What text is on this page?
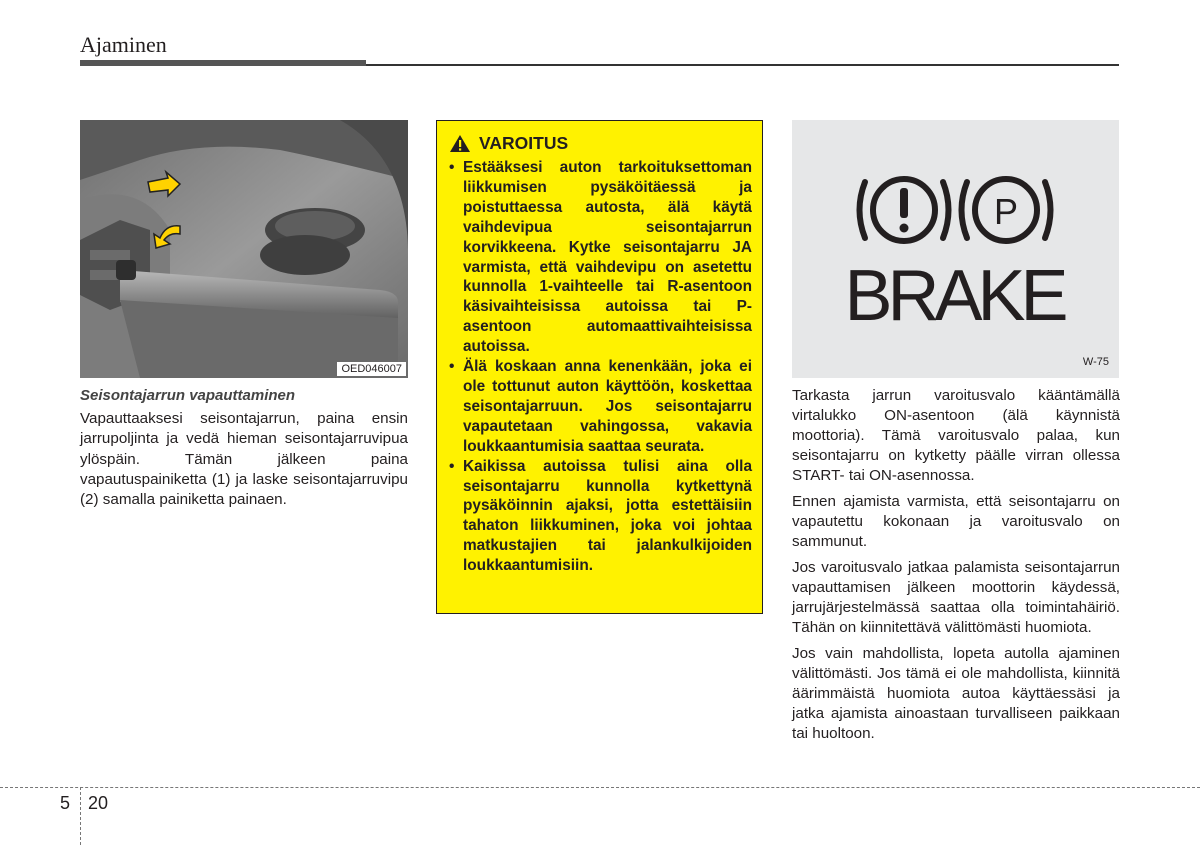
Ajaminen
OED046007
Seisontajarrun vapauttaminen

Vapauttaaksesi seisontajarrun, paina ensin jarrupoljinta ja vedä hieman seisontajarruvipua ylöspäin. Tämän jälkeen paina vapautuspainiketta (1) ja laske seisontajarruvipu (2) samalla painiketta painaen.

VAROITUS
• Estääksesi auton tarkoituksettoman liikkumisen pysäköitäessä ja poistuttaessa autosta, älä käytä vaihdevipua seisontajarrun korvikkeena. Kytke seisontajarru JA varmista, että vaihdevipu on asetettu kunnolla 1-vaihteelle tai R-asentoon käsivaihteisissa autoissa tai P-asentoon automaattivaihteisissa autoissa.
• Älä koskaan anna kenenkään, joka ei ole tottunut auton käyttöön, koskettaa seisontajarruun. Jos seisontajarru vapautetaan vahingossa, vakavia loukkaantumisia saattaa seurata.
• Kaikissa autoissa tulisi aina olla seisontajarru kunnolla kytkettynä pysäköinnin ajaksi, jotta estettäisiin tahaton liikkuminen, joka voi johtaa matkustajien tai jalankulkijoiden loukkaantumisiin.
P
BRAKE
W-75

Tarkasta jarrun varoitusvalo kääntämällä virtalukko ON-asentoon (älä käynnistä moottoria). Tämä varoitusvalo palaa, kun seisontajarru on kytketty päälle virran ollessa START- tai ON-asennossa.

Ennen ajamista varmista, että seisontajarru on vapautettu kokonaan ja varoitusvalo on sammunut.

Jos varoitusvalo jatkaa palamista seisontajarrun vapauttamisen jälkeen moottorin käydessä, jarrujärjestelmässä saattaa olla toimintahäiriö. Tähän on kiinnitettävä välittömästi huomiota.

Jos vain mahdollista, lopeta autolla ajaminen välittömästi. Jos tämä ei ole mahdollista, kiinnitä äärimmäistä huomiota autoa käyttäessäsi ja jatka ajamista ainoastaan turvalliseen paikkaan tai huoltoon.

5 20
